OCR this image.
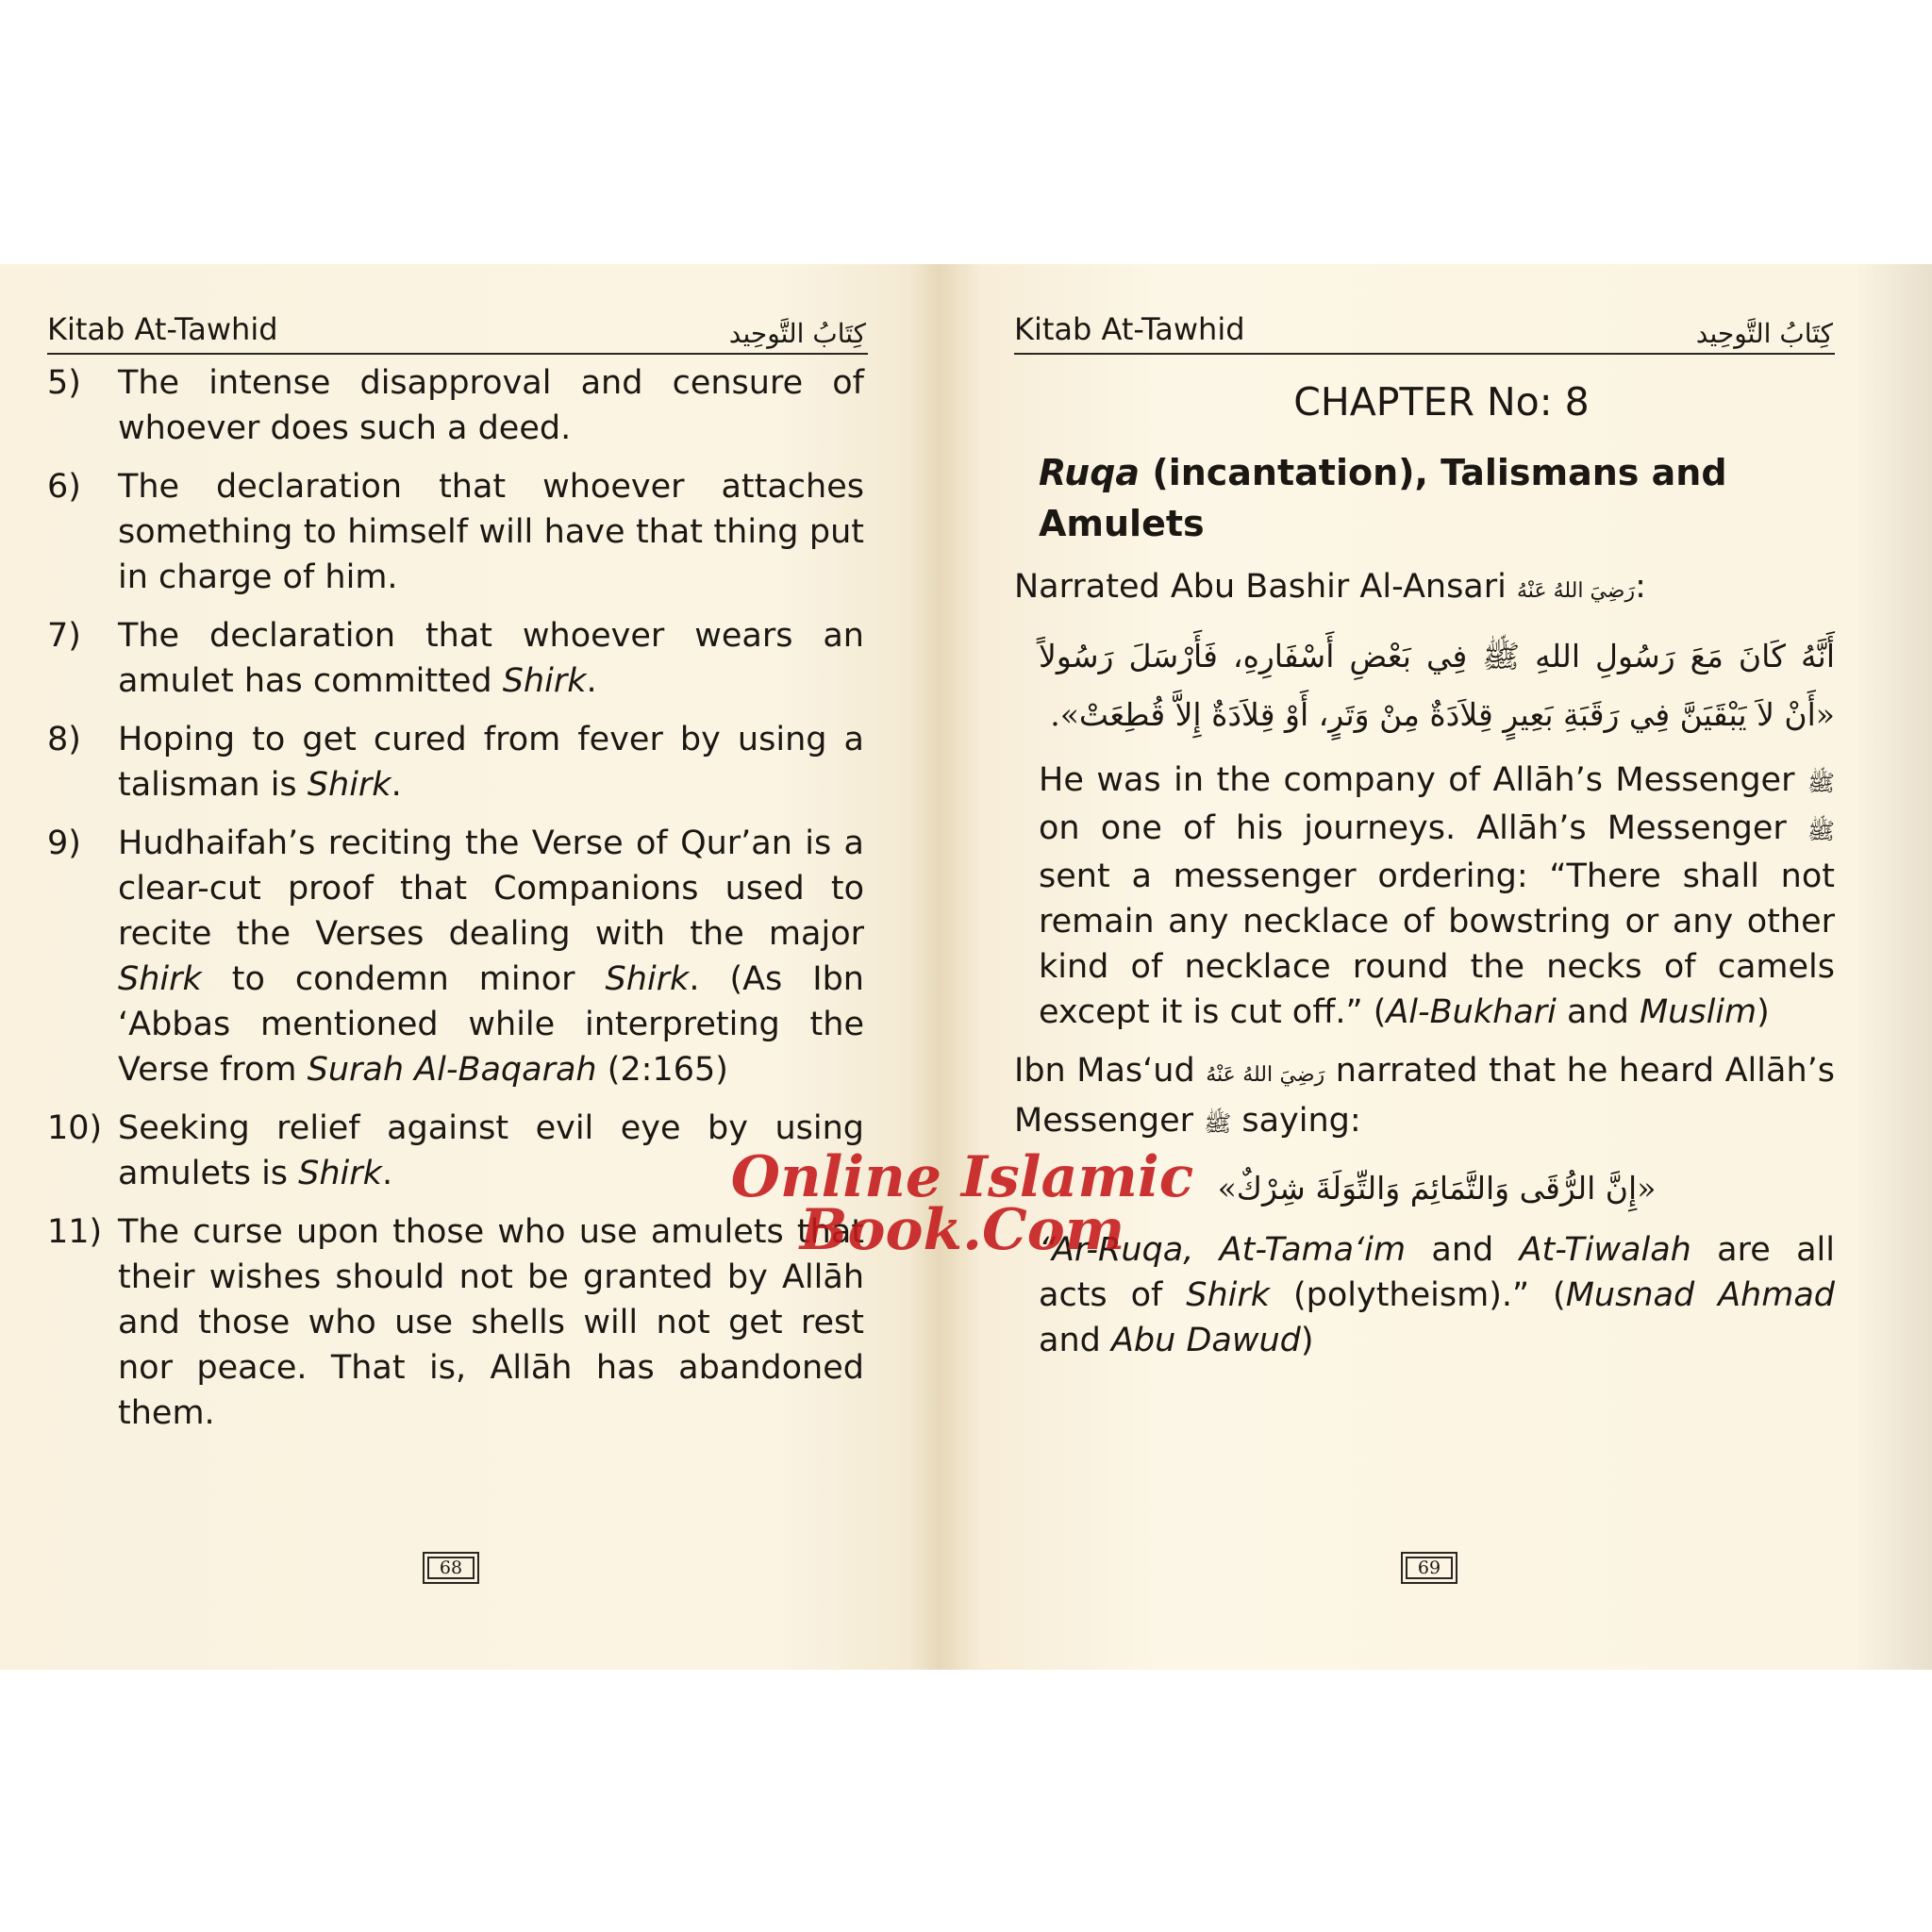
Kitab At-Tawhid	كِتَابُ التَّوحِيد
5)	The intense disapproval and censure of whoever does such a deed.
6)	The declaration that whoever attaches something to himself will have that thing put in charge of him.
7)	The declaration that whoever wears an amulet has committed Shirk.
8)	Hoping to get cured from fever by using a talisman is Shirk.
9)	Hudhaifah’s reciting the Verse of Qur’an is a clear-cut proof that Companions used to recite the Verses dealing with the major Shirk to condemn minor Shirk. (As Ibn ‘Abbas mentioned while interpreting the Verse from Surah Al-Baqarah (2:165)
10) Seeking relief against evil eye by using amulets is Shirk.
11) The curse upon those who use amulets that their wishes should not be granted by Allāh and those who use shells will not get rest nor peace. That is, Allāh has abandoned them.
68
Kitab At-Tawhid	كِتَابُ التَّوحِيد
CHAPTER No: 8
Ruqa (incantation), Talismans and Amulets
Narrated Abu Bashir Al-Ansari رَضِيَ اللهُ عَنْهُ:
أَنَّهُ كَانَ مَعَ رَسُولِ اللهِ ﷺ فِي بَعْضِ أَسْفَارِهِ، فَأَرْسَلَ رَسُولاً «أَنْ لاَ يَبْقَيَنَّ فِي رَقَبَةِ بَعِيرٍ قِلاَدَةٌ مِنْ وَتَرٍ، أَوْ قِلاَدَةٌ إِلاَّ قُطِعَتْ».
He was in the company of Allāh’s Messenger ﷺ on one of his journeys. Allāh’s Messenger ﷺ sent a messenger ordering: “There shall not remain any necklace of bowstring or any other kind of necklace round the necks of camels except it is cut off.” (Al-Bukhari and Muslim)
Ibn Mas‘ud رَضِيَ اللهُ عَنْهُ narrated that he heard Allāh’s Messenger ﷺ saying:
«إِنَّ الرُّقَى وَالتَّمَائِمَ وَالتِّوَلَةَ شِرْكٌ»
“Ar-Ruqa, At-Tama‘im and At-Tiwalah are all acts of Shirk (polytheism).” (Musnad Ahmad and Abu Dawud)
69
Online Islamic
Book.Com
